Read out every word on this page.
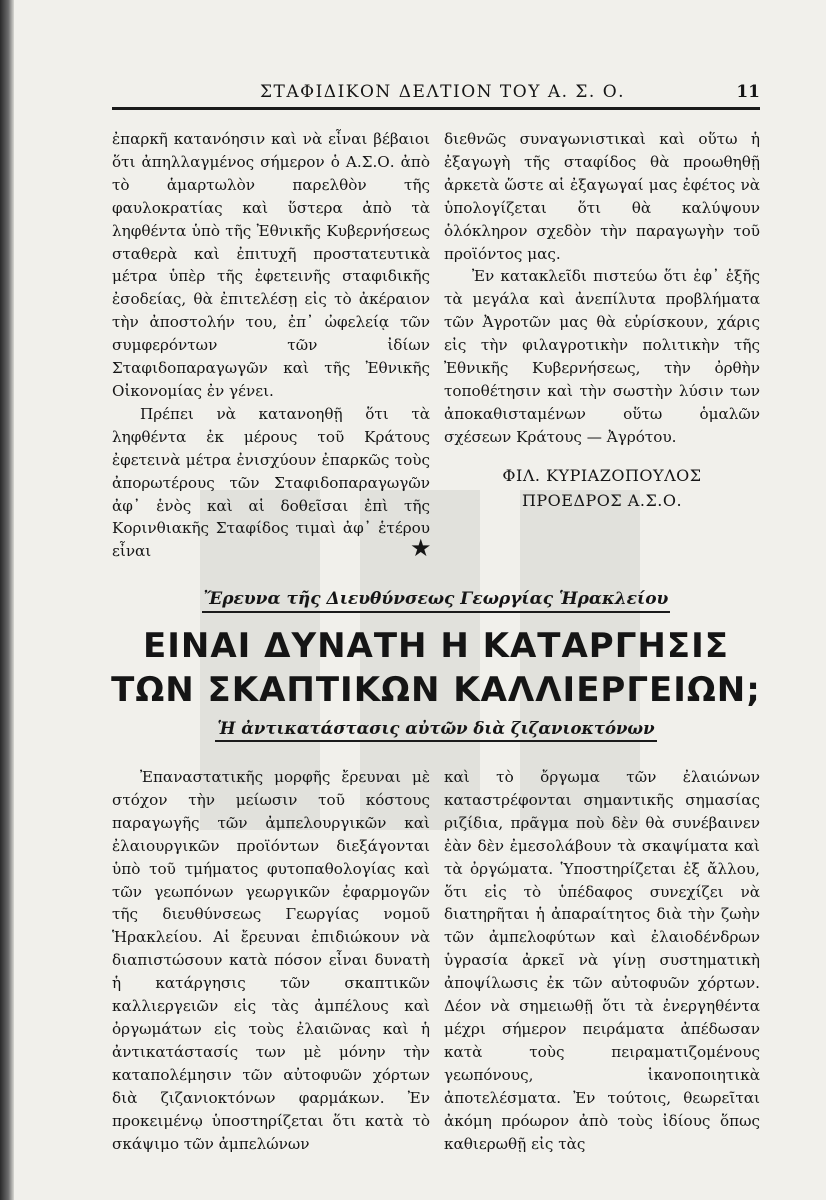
ΣΤΑΦΙΔΙΚΟΝ ΔΕΛΤΙΟΝ ΤΟΥ Α. Σ. Ο.	11

ἐπαρκῆ κατανόησιν καὶ νὰ εἶναι βέβαιοι ὅτι ἀπηλλαγμένος σήμερον ὁ Α.Σ.Ο. ἀπὸ τὸ ἁμαρτωλὸν παρελθὸν τῆς φαυλοκρατίας καὶ ὕστερα ἀπὸ τὰ ληφθέντα ὑπὸ τῆς Ἐθνικῆς Κυβερνήσεως σταθερὰ καὶ ἐπιτυχῆ προστατευτικὰ μέτρα ὑπὲρ τῆς ἐφετεινῆς σταφιδικῆς ἐσοδείας, θὰ ἐπιτελέσῃ εἰς τὸ ἀκέραιον τὴν ἀποστολήν του, ἐπ᾽ ὠφελείᾳ τῶν συμφερόντων τῶν ἰδίων Σταφιδοπαραγωγῶν καὶ τῆς Ἐθνικῆς Οἰκονομίας ἐν γένει.

Πρέπει νὰ κατανοηθῇ ὅτι τὰ ληφθέντα ἐκ μέρους τοῦ Κράτους ἐφετεινὰ μέτρα ἐνισχύουν ἐπαρκῶς τοὺς ἀπορωτέρους τῶν Σταφιδοπαραγωγῶν ἀφ᾽ ἑνὸς καὶ αἱ δοθεῖσαι ἐπὶ τῆς Κορινθιακῆς Σταφίδος τιμαὶ ἀφ᾽ ἑτέρου εἶναι

διεθνῶς συναγωνιστικαὶ καὶ οὕτω ἡ ἐξαγωγὴ τῆς σταφίδος θὰ προωθηθῇ ἀρκετὰ ὥστε αἱ ἐξαγωγαί μας ἐφέτος νὰ ὑπολογίζεται ὅτι θὰ καλύψουν ὁλόκληρον σχεδὸν τὴν παραγωγὴν τοῦ προϊόντος μας.

Ἐν κατακλεῖδι πιστεύω ὅτι ἐφ᾽ ἑξῆς τὰ μεγάλα καὶ ἀνεπίλυτα προβλήματα τῶν Ἀγροτῶν μας θὰ εὑρίσκουν, χάρις εἰς τὴν φιλαγροτικὴν πολιτικὴν τῆς Ἐθνικῆς Κυβερνήσεως, τὴν ὀρθὴν τοποθέτησιν καὶ τὴν σωστὴν λύσιν των ἀποκαθισταμένων οὕτω ὁμαλῶν σχέσεων Κράτους — Ἀγρότου.

ΦΙΛ. ΚΥΡΙΑΖΟΠΟΥΛΟΣ
ΠΡΟΕΔΡΟΣ Α.Σ.Ο.
★
Ἔρευνα τῆς Διευθύνσεως Γεωργίας Ἡρακλείου
ΕΙΝΑΙ ΔΥΝΑΤΗ Η ΚΑΤΑΡΓΗΣΙΣ
ΤΩΝ ΣΚΑΠΤΙΚΩΝ ΚΑΛΛΙΕΡΓΕΙΩΝ;
Ἡ ἀντικατάστασις αὐτῶν διὰ ζιζανιοκτόνων

Ἐπαναστατικῆς μορφῆς ἔρευναι μὲ στόχον τὴν μείωσιν τοῦ κόστους παραγωγῆς τῶν ἀμπελουργικῶν καὶ ἐλαιουργικῶν προϊόντων διεξάγονται ὑπὸ τοῦ τμήματος φυτοπαθολογίας καὶ τῶν γεωπόνων γεωργικῶν ἐφαρμογῶν τῆς διευθύνσεως Γεωργίας νομοῦ Ἡρακλείου. Αἱ ἔρευναι ἐπιδιώκουν νὰ διαπιστώσουν κατὰ πόσον εἶναι δυνατὴ ἡ κατάργησις τῶν σκαπτικῶν καλλιεργειῶν εἰς τὰς ἀμπέλους καὶ ὀργωμάτων εἰς τοὺς ἐλαιῶνας καὶ ἡ ἀντικατάστασίς των μὲ μόνην τὴν καταπολέμησιν τῶν αὐτοφυῶν χόρτων διὰ ζιζανιοκτόνων φαρμάκων. Ἐν προκειμένῳ ὑποστηρίζεται ὅτι κατὰ τὸ σκάψιμο τῶν ἀμπελώνων

καὶ τὸ ὄργωμα τῶν ἐλαιώνων καταστρέφονται σημαντικῆς σημασίας ριζίδια, πρᾶγμα ποὺ δὲν θὰ συνέβαινεν ἐὰν δὲν ἐμεσολάβουν τὰ σκαψίματα καὶ τὰ ὀργώματα. Ὑποστηρίζεται ἐξ ἄλλου, ὅτι εἰς τὸ ὑπέδαφος συνεχίζει νὰ διατηρῆται ἡ ἀπαραίτητος διὰ τὴν ζωὴν τῶν ἀμπελοφύτων καὶ ἐλαιοδένδρων ὑγρασία ἀρκεῖ νὰ γίνῃ συστηματικὴ ἀποψίλωσις ἐκ τῶν αὐτοφυῶν χόρτων. Δέον νὰ σημειωθῇ ὅτι τὰ ἐνεργηθέντα μέχρι σήμερον πειράματα ἀπέδωσαν κατὰ τοὺς πειραματιζομένους γεωπόνους, ἱκανοποιητικὰ ἀποτελέσματα. Ἐν τούτοις, θεωρεῖται ἀκόμη πρόωρον ἀπὸ τοὺς ἰδίους ὅπως καθιερωθῇ εἰς τὰς
